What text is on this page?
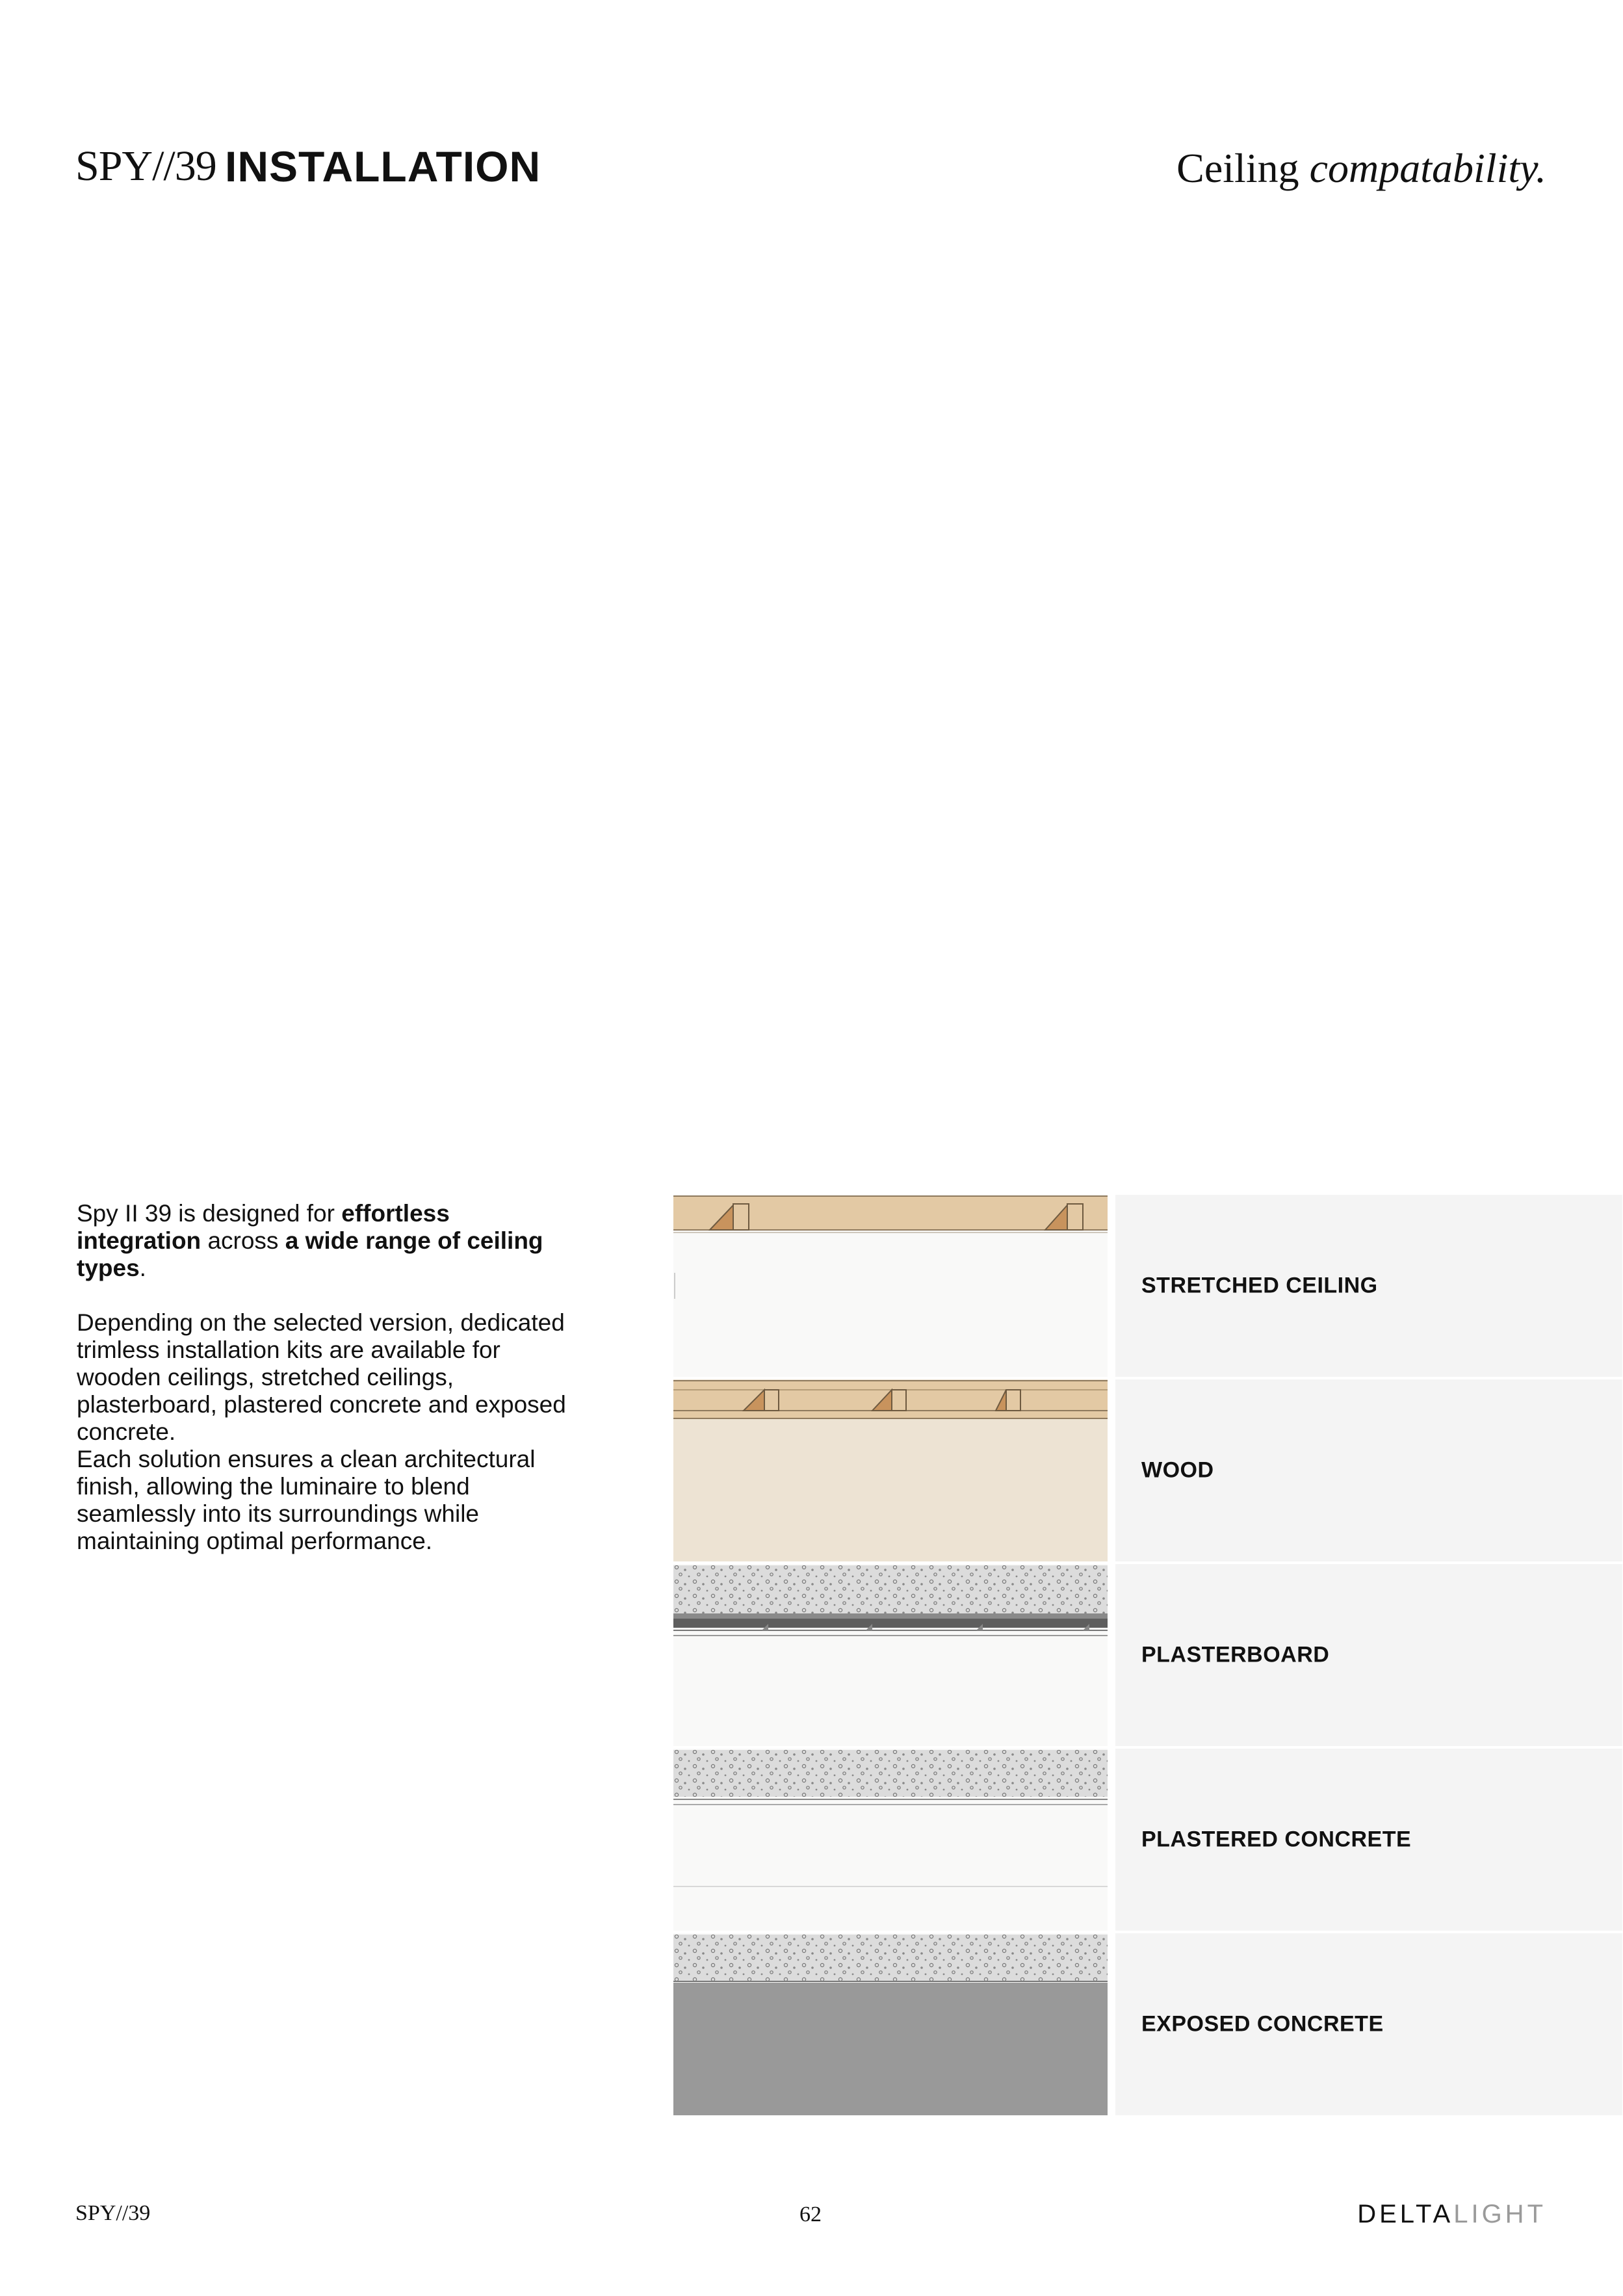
SPY//39 INSTALLATION	Ceiling compatability.

Spy II 39 is designed for effortless integration across a wide range of ceiling types.

Depending on the selected version, dedicated trimless installation kits are available for wooden ceilings, stretched ceilings, plasterboard, plastered concrete and exposed concrete.

Each solution ensures a clean architectural finish, allowing the luminaire to blend seamlessly into its surroundings while maintaining optimal performance.

STRETCHED CEILING
WOOD
PLASTERBOARD
PLASTERED CONCRETE
EXPOSED CONCRETE
SPY//39	62	DELTALIGHT
